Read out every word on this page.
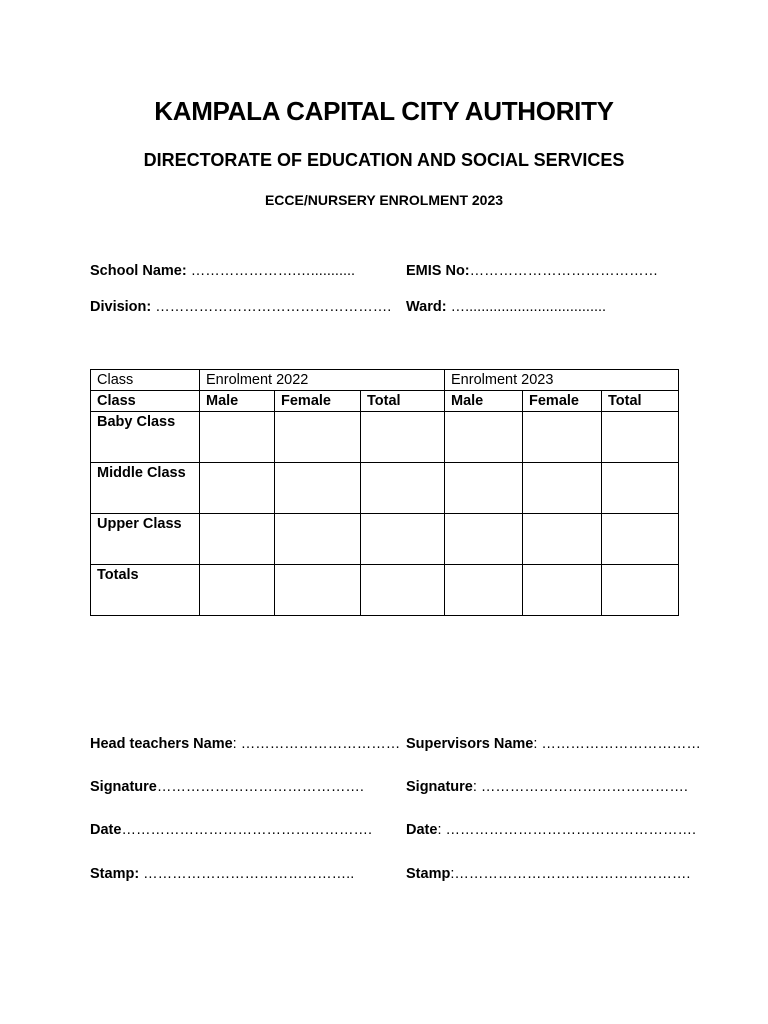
KAMPALA CAPITAL CITY AUTHORITY
DIRECTORATE OF EDUCATION AND SOCIAL SERVICES
ECCE/NURSERY ENROLMENT 2023
School Name: ………………….…...........	EMIS No:…………………………………
Division: …………………………………………. Ward: …...................................
Class	Enrolment 2022			Enrolment 2023		
Class	Male	Female	Total	Male	Female	Total
Baby Class						
Middle Class						
Upper Class						
Totals						
Head teachers Name: …………………………… Supervisors Name: ……………………………
Signature…………………………………….	Signature: …………………………………….
Date……………………………………………. Date: …………………………………………….
Stamp: ……………………………………..	Stamp:………………………………………….
